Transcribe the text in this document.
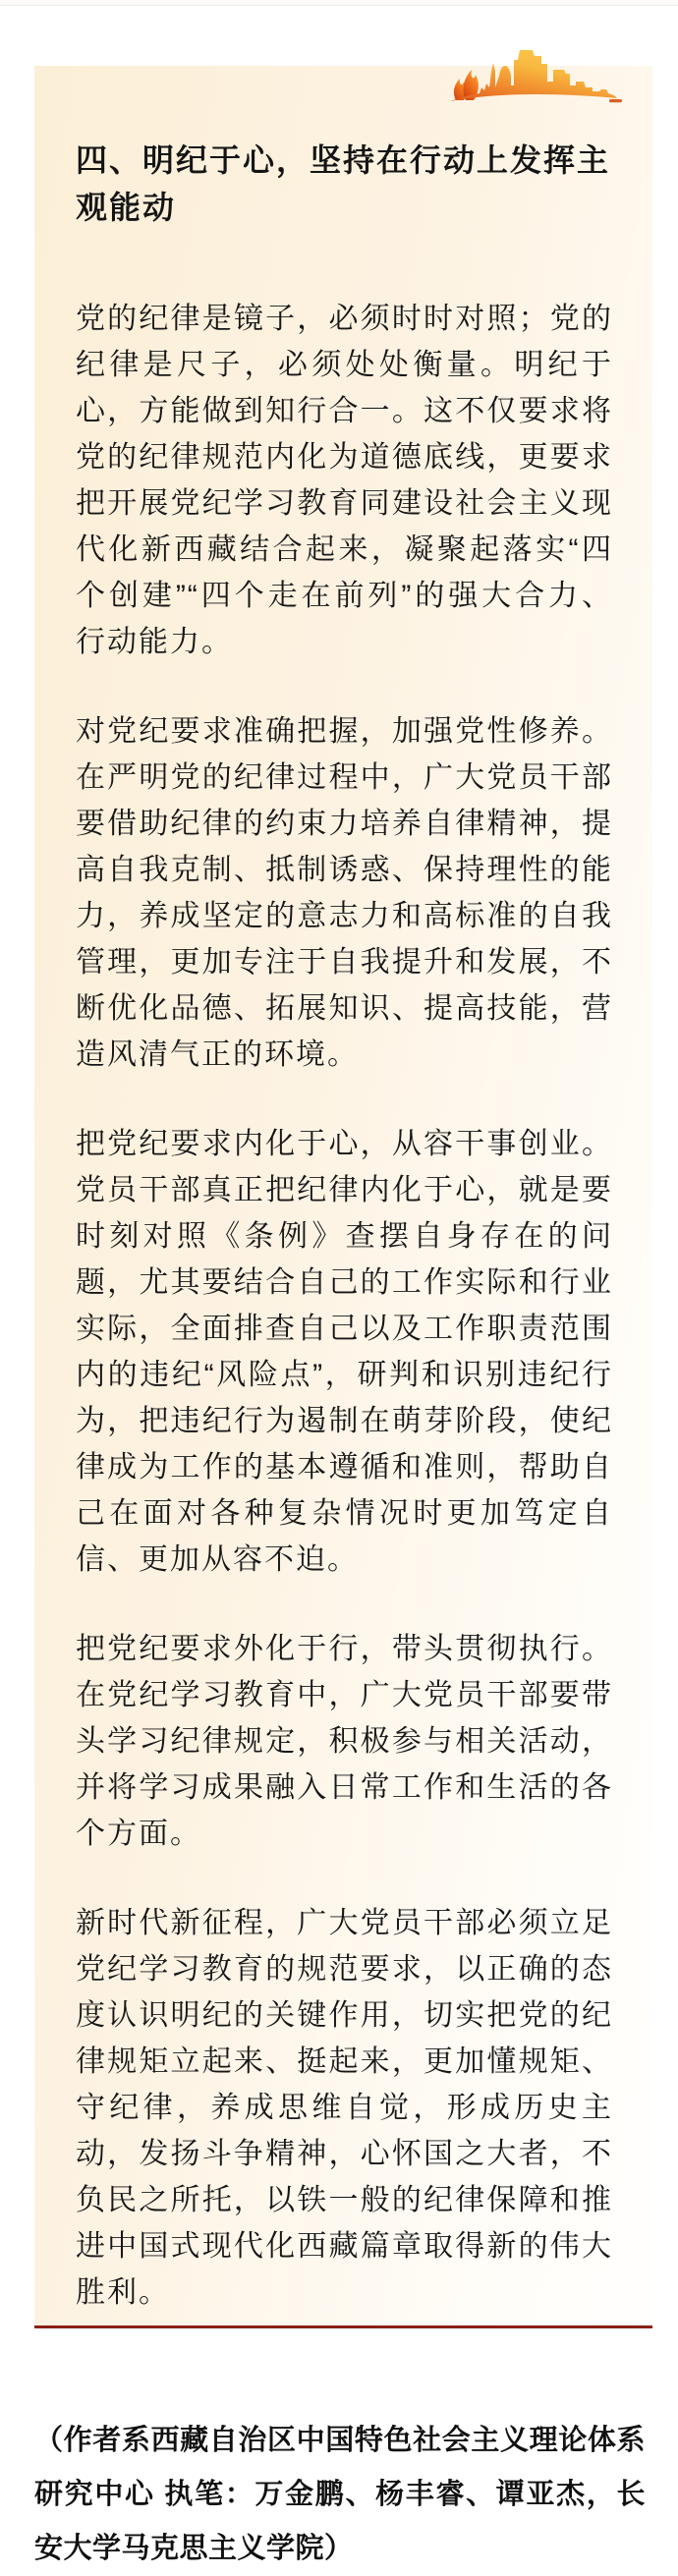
四、明纪于心，坚持在行动上发挥主观能动

党的纪律是镜子，必须时时对照；党的纪律是尺子，必须处处衡量。明纪于心，方能做到知行合一。这不仅要求将党的纪律规范内化为道德底线，更要求把开展党纪学习教育同建设社会主义现代化新西藏结合起来，凝聚起落实“四个创建”“四个走在前列”的强大合力、行动能力。

对党纪要求准确把握，加强党性修养。在严明党的纪律过程中，广大党员干部要借助纪律的约束力培养自律精神，提高自我克制、抵制诱惑、保持理性的能力，养成坚定的意志力和高标准的自我管理，更加专注于自我提升和发展，不断优化品德、拓展知识、提高技能，营造风清气正的环境。

把党纪要求内化于心，从容干事创业。党员干部真正把纪律内化于心，就是要时刻对照《条例》查摆自身存在的问题，尤其要结合自己的工作实际和行业实际，全面排查自己以及工作职责范围内的违纪“风险点”，研判和识别违纪行为，把违纪行为遏制在萌芽阶段，使纪律成为工作的基本遵循和准则，帮助自己在面对各种复杂情况时更加笃定自信、更加从容不迫。

把党纪要求外化于行，带头贯彻执行。在党纪学习教育中，广大党员干部要带头学习纪律规定，积极参与相关活动，并将学习成果融入日常工作和生活的各个方面。

新时代新征程，广大党员干部必须立足党纪学习教育的规范要求，以正确的态度认识明纪的关键作用，切实把党的纪律规矩立起来、挺起来，更加懂规矩、守纪律，养成思维自觉，形成历史主动，发扬斗争精神，心怀国之大者，不负民之所托，以铁一般的纪律保障和推进中国式现代化西藏篇章取得新的伟大胜利。

（作者系西藏自治区中国特色社会主义理论体系研究中心 执笔：万金鹏、杨丰睿、谭亚杰，长安大学马克思主义学院）
